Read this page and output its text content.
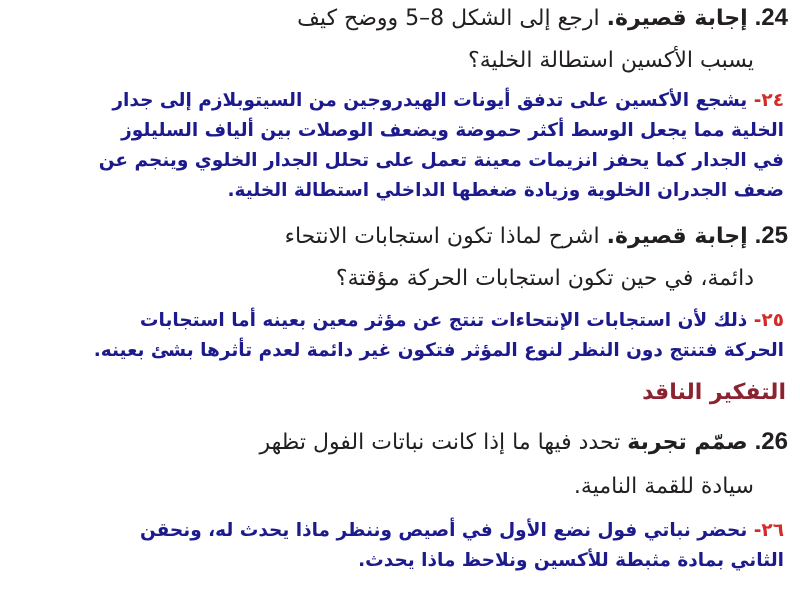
24. إجابة قصيرة. ارجع إلى الشكل 8–5 ووضح كيف
يسبب الأكسين استطالة الخلية؟
٢٤- يشجع الأكسين على تدفق أيونات الهيدروجين من السيتوبلازم إلى جدار
الخلية مما يجعل الوسط أكثر حموضة ويضعف الوصلات بين ألياف السليلوز
في الجدار كما يحفز انزيمات معينة تعمل على تحلل الجدار الخلوي وينجم عن
ضعف الجدران الخلوية وزيادة ضغطها الداخلي استطالة الخلية.
25. إجابة قصيرة. اشرح لماذا تكون استجابات الانتحاء
دائمة، في حين تكون استجابات الحركة مؤقتة؟
٢٥- ذلك لأن استجابات الإنتحاءات تنتج عن مؤثر معين بعينه أما استجابات
الحركة فتنتج دون النظر لنوع المؤثر فتكون غير دائمة لعدم تأثرها بشئ بعينه.
التفكير الناقد
26. صمّم تجربة تحدد فيها ما إذا كانت نباتات الفول تظهر
سيادة للقمة النامية.
٢٦- نحضر نباتي فول نضع الأول في أصيص وننظر ماذا يحدث له، ونحقن
الثاني بمادة مثبطة للأكسين ونلاحظ ماذا يحدث.
